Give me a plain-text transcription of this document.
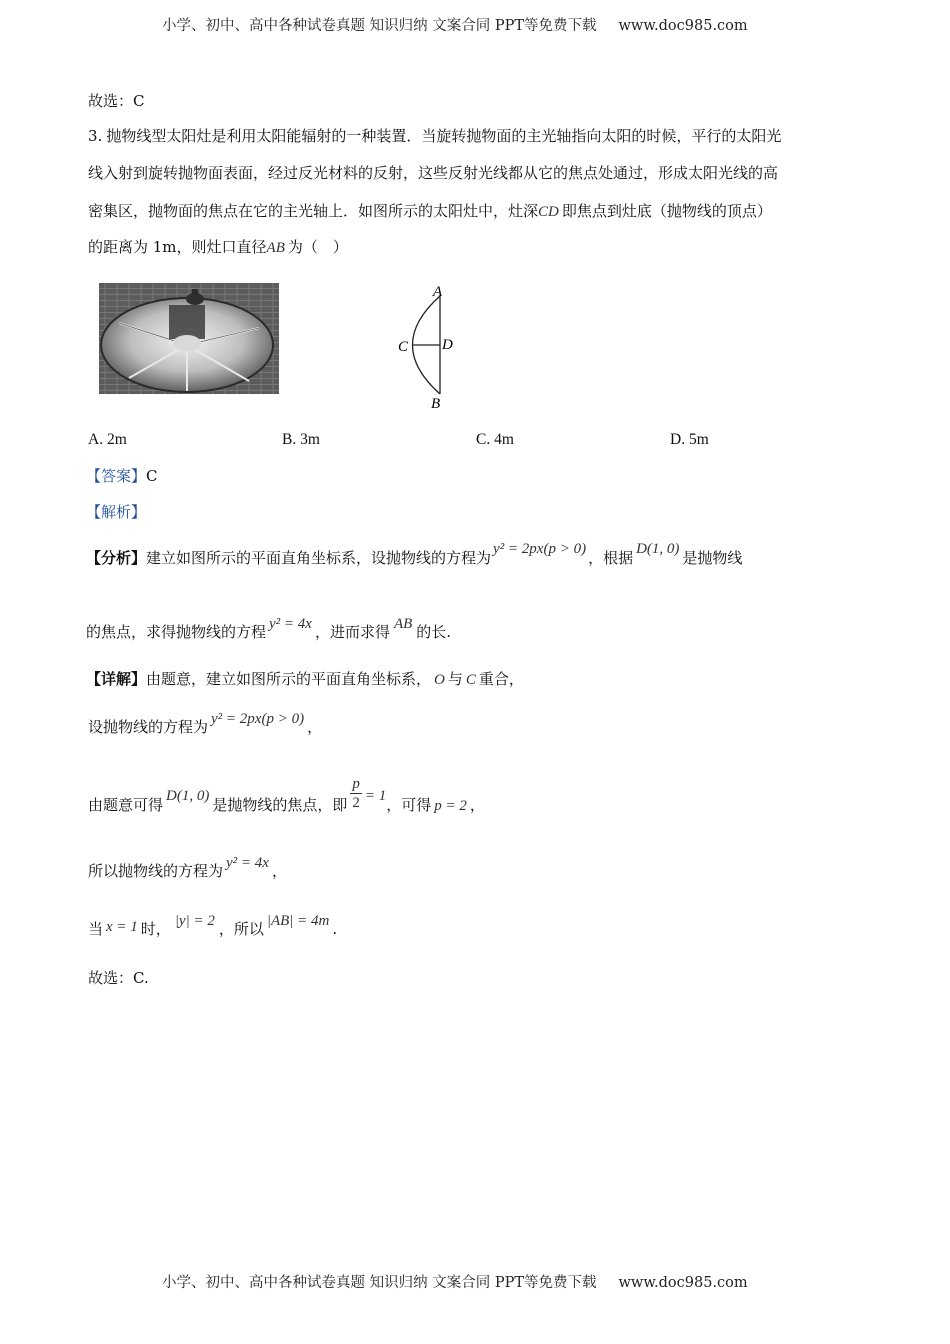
小学、初中、高中各种试卷真题 知识归纳 文案合同 PPT等免费下载 www.doc985.com
故选：C
3. 抛物线型太阳灶是利用太阳能辐射的一种装置．当旋转抛物面的主光轴指向太阳的时候，平行的太阳光
线入射到旋转抛物面表面，经过反光材料的反射，这些反射光线都从它的焦点处通过，形成太阳光线的高
密集区，抛物面的焦点在它的主光轴上．如图所示的太阳灶中，灶深CD 即焦点到灶底（抛物线的顶点）
的距离为 1m，则灶口直径AB 为（　）
A
B
C D
A. 2m	B. 3m	C. 4m	D. 5m
【答案】C
【解析】
【分析】建立如图所示的平面直角坐标系，设抛物线的方程为 y² = 2px(p > 0) ，根据 D(1, 0) 是抛物线
的焦点，求得抛物线的方程 y² = 4x ，进而求得 AB 的长.
【详解】由题意，建立如图所示的平面直角坐标系， O 与 C 重合，
设抛物线的方程为 y² = 2px(p > 0) ，
由题意可得 D(1, 0) 是抛物线的焦点，即 $\frac{p}{2} = 1$，可得 p = 2 ，
所以抛物线的方程为 y² = 4x ，
当 x = 1 时， |y| = 2 ，所以 |AB| = 4m .
故选：C.
小学、初中、高中各种试卷真题 知识归纳 文案合同 PPT等免费下载 www.doc985.com
